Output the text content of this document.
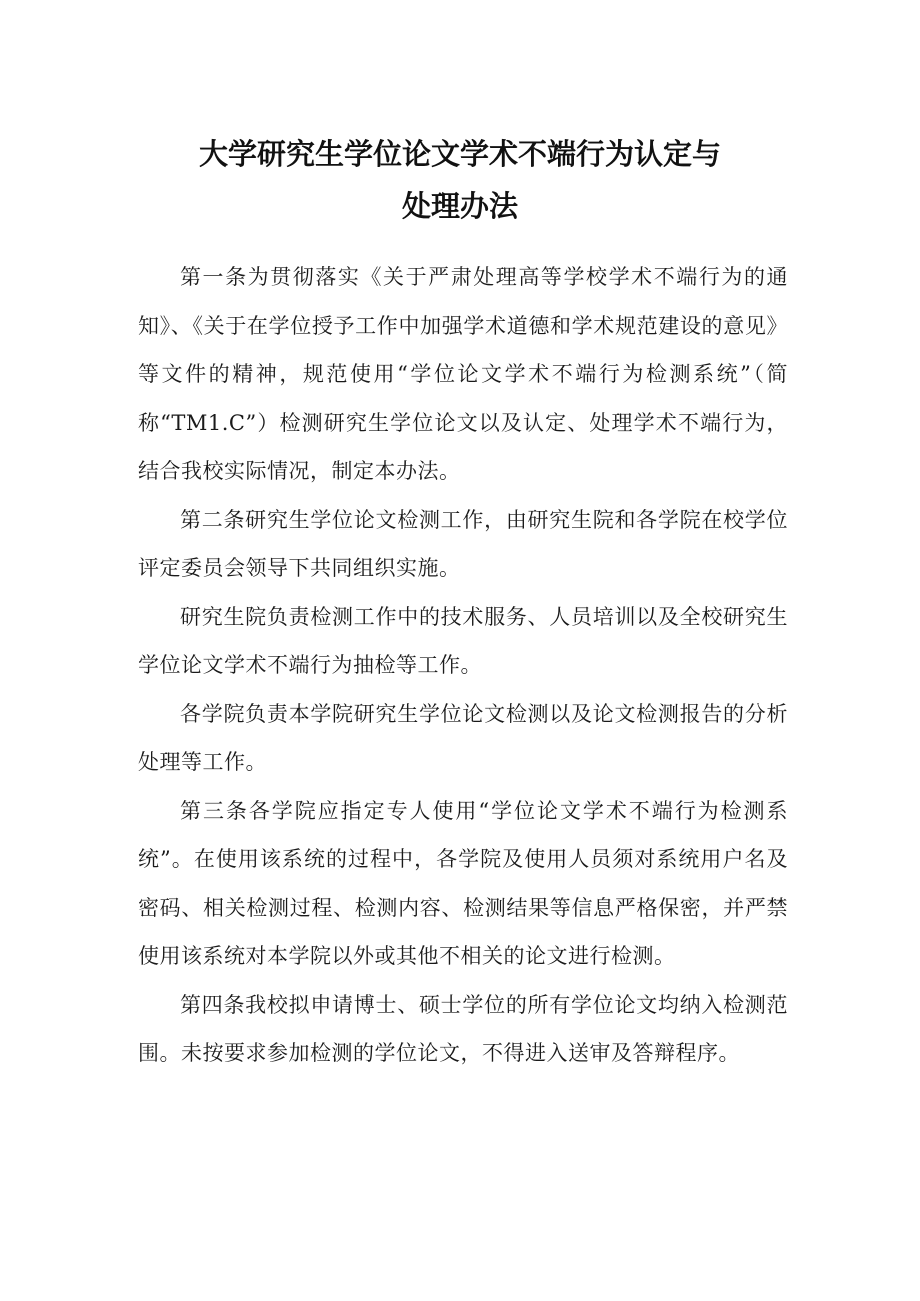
大学研究生学位论文学术不端行为认定与
处理办法

第一条为贯彻落实《关于严肃处理高等学校学术不端行为的通知》、《关于在学位授予工作中加强学术道德和学术规范建设的意见》等文件的精神，规范使用“学位论文学术不端行为检测系统”（简称“TM1.C”）检测研究生学位论文以及认定、处理学术不端行为，结合我校实际情况，制定本办法。

第二条研究生学位论文检测工作，由研究生院和各学院在校学位评定委员会领导下共同组织实施。

研究生院负责检测工作中的技术服务、人员培训以及全校研究生学位论文学术不端行为抽检等工作。

各学院负责本学院研究生学位论文检测以及论文检测报告的分析处理等工作。

第三条各学院应指定专人使用“学位论文学术不端行为检测系统”。在使用该系统的过程中，各学院及使用人员须对系统用户名及密码、相关检测过程、检测内容、检测结果等信息严格保密，并严禁使用该系统对本学院以外或其他不相关的论文进行检测。

第四条我校拟申请博士、硕士学位的所有学位论文均纳入检测范围。未按要求参加检测的学位论文，不得进入送审及答辩程序。
